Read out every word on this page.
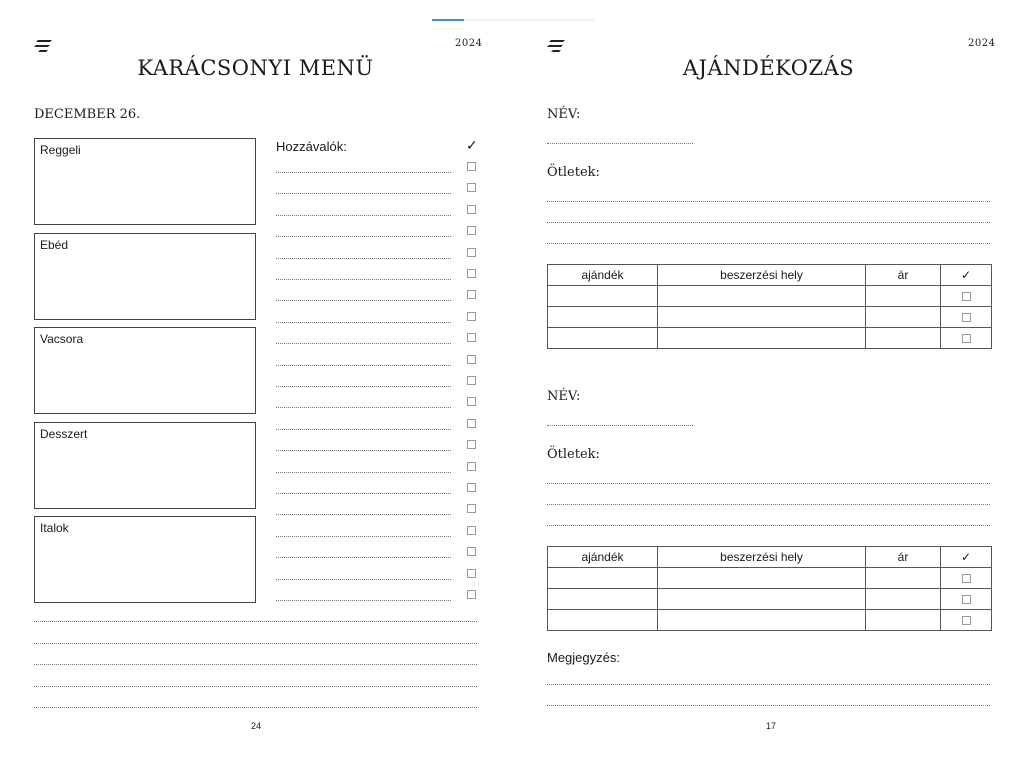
2024
KARÁCSONYI MENÜ
DECEMBER 26.
Reggeli
Ebéd
Vacsora
Desszert
Italok
Hozzávalók:	✓
24
2024
AJÁNDÉKOZÁS
NÉV:
Ötletek:
ajándék	beszerzési hely	ár	✓

NÉV:
Ötletek:
ajándék	beszerzési hely	ár	✓

Megjegyzés:
17
